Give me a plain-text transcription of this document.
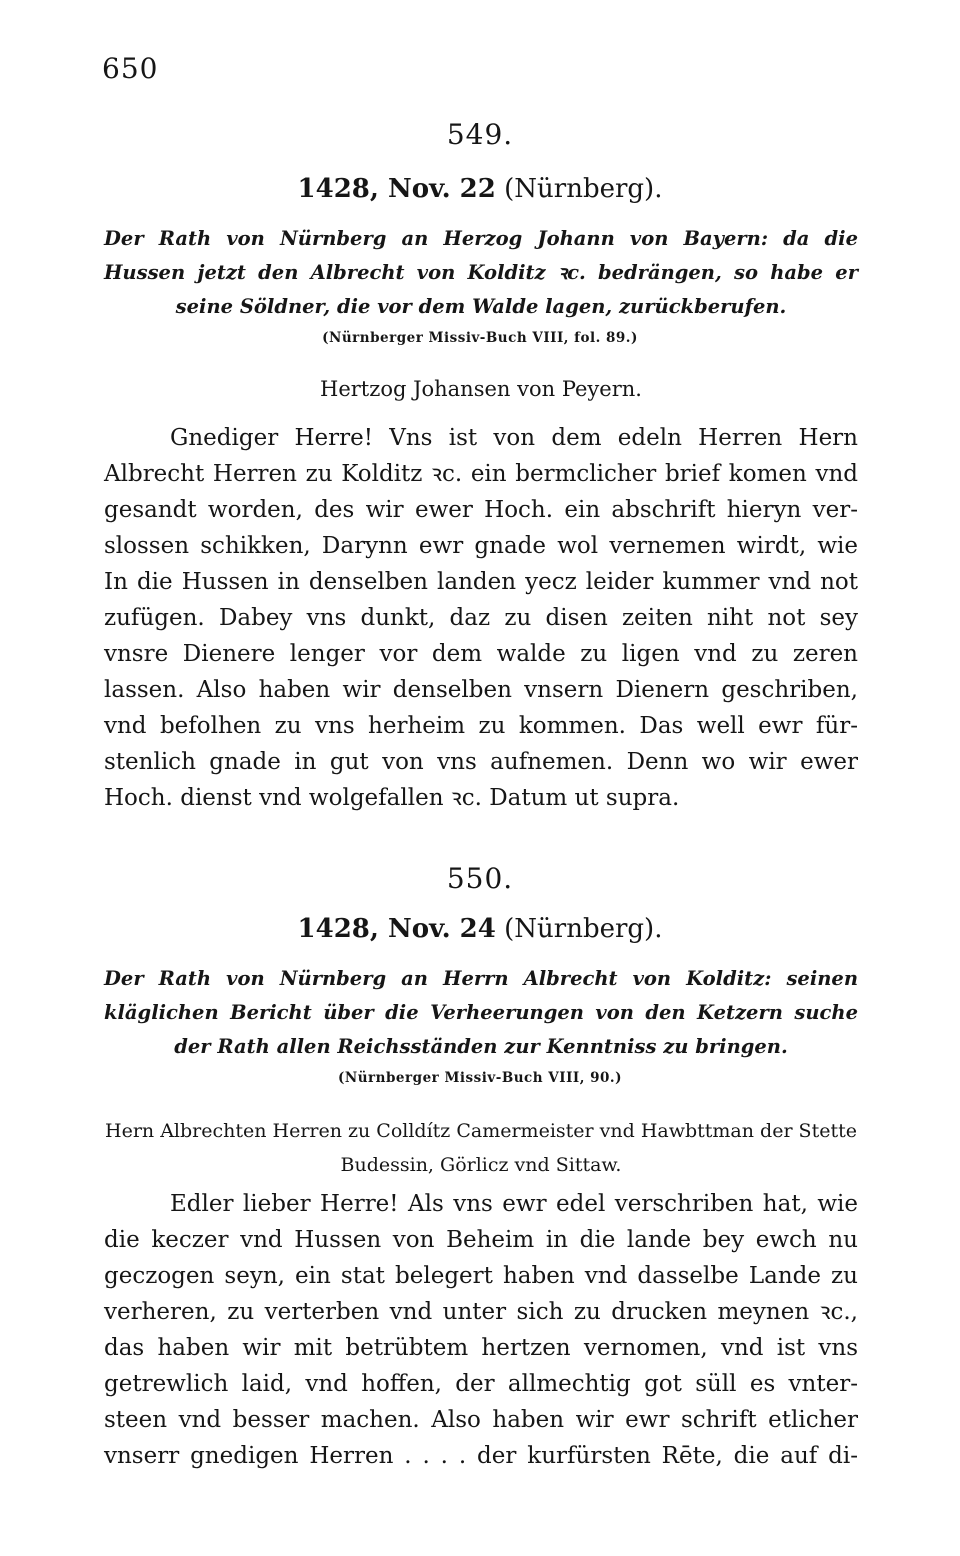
650
549.
1428, Nov. 22 (Nürnberg).
Der Rath von Nürnberg an Herzog Johann von Bayern: da die Hussen jetzt den Albrecht von Kolditz ꝛc. bedrängen, so habe er seine Söldner, die vor dem Walde lagen, zurückberufen.
(Nürnberger Missiv-Buch VIII, fol. 89.)
Hertzog Johansen von Peyern.
Gnediger Herre! Vns ist von dem edeln Herren Hern
Albrecht Herren zu Kolditz ꝛc. ein bermclicher brief komen vnd
gesandt worden, des wir ewer Hoch. ein abschrift hieryn ver-
slossen schikken, Darynn ewr gnade wol vernemen wirdt, wie
In die Hussen in denselben landen yecz leider kummer vnd not
zufügen. Dabey vns dunkt, daz zu disen zeiten niht not sey
vnsre Dienere lenger vor dem walde zu ligen vnd zu zeren
lassen. Also haben wir denselben vnsern Dienern geschriben,
vnd befolhen zu vns herheim zu kommen. Das well ewr für-
stenlich gnade in gut von vns aufnemen. Denn wo wir ewer
Hoch. dienst vnd wolgefallen ꝛc. Datum ut supra.
550.
1428, Nov. 24 (Nürnberg).
Der Rath von Nürnberg an Herrn Albrecht von Kolditz: seinen kläglichen Bericht über die Verheerungen von den Ketzern suche der Rath allen Reichsständen zur Kenntniss zu bringen.
(Nürnberger Missiv-Buch VIII, 90.)
Hern Albrechten Herren zu Colldítz Camermeister vnd Hawbttman der Stette
Budessin, Görlicz vnd Sittaw.
Edler lieber Herre! Als vns ewr edel verschriben hat, wie
die keczer vnd Hussen von Beheim in die lande bey ewch nu
geczogen seyn, ein stat belegert haben vnd dasselbe Lande zu
verheren, zu verterben vnd unter sich zu drucken meynen ꝛc.,
das haben wir mit betrübtem hertzen vernomen, vnd ist vns
getrewlich laid, vnd hoffen, der allmechtig got süll es vnter-
steen vnd besser machen. Also haben wir ewr schrift etlicher
vnserr gnedigen Herren . . . . der kurfürsten Rēte, die auf di-
